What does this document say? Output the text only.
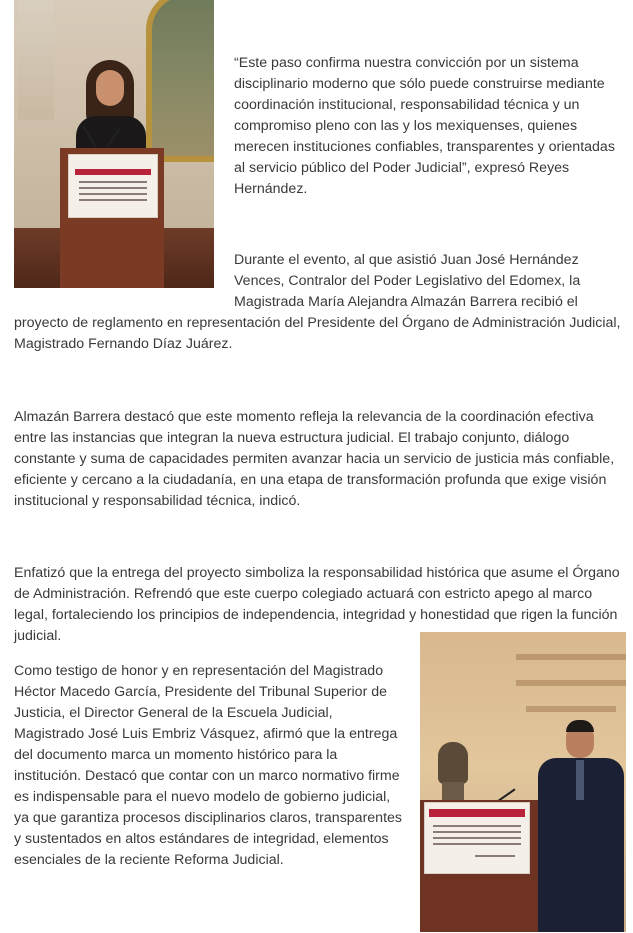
“Este paso confirma nuestra convicción por un sistema disciplinario moderno que sólo puede construirse mediante coordinación institucional, responsabilidad técnica y un compromiso pleno con las y los mexiquenses, quienes merecen instituciones confiables, transparentes y orientadas al servicio público del Poder Judicial”, expresó Reyes Hernández.

Durante el evento, al que asistió Juan José Hernández Vences, Contralor del Poder Legislativo del Edomex, la Magistrada María Alejandra Almazán Barrera recibió el
proyecto de reglamento en representación del Presidente del Órgano de Administración Judicial, Magistrado Fernando Díaz Juárez.

Almazán Barrera destacó que este momento refleja la relevancia de la coordinación efectiva entre las instancias que integran la nueva estructura judicial. El trabajo conjunto, diálogo constante y suma de capacidades permiten avanzar hacia un servicio de justicia más confiable, eficiente y cercano a la ciudadanía, en una etapa de transformación profunda que exige visión institucional y responsabilidad técnica, indicó.

Enfatizó que la entrega del proyecto simboliza la responsabilidad histórica que asume el Órgano de Administración. Refrendó que este cuerpo colegiado actuará con estricto apego al marco legal, fortaleciendo los principios de independencia, integridad y honestidad que rigen la función judicial.

Como testigo de honor y en representación del Magistrado Héctor Macedo García, Presidente del Tribunal Superior de Justicia, el Director General de la Escuela Judicial, Magistrado José Luis Embriz Vásquez, afirmó que la entrega del documento marca un momento histórico para la institución. Destacó que contar con un marco normativo firme es indispensable para el nuevo modelo de gobierno judicial, ya que garantiza procesos disciplinarios claros, transparentes y sustentados en altos estándares de integridad, elementos esenciales de la reciente Reforma Judicial.
